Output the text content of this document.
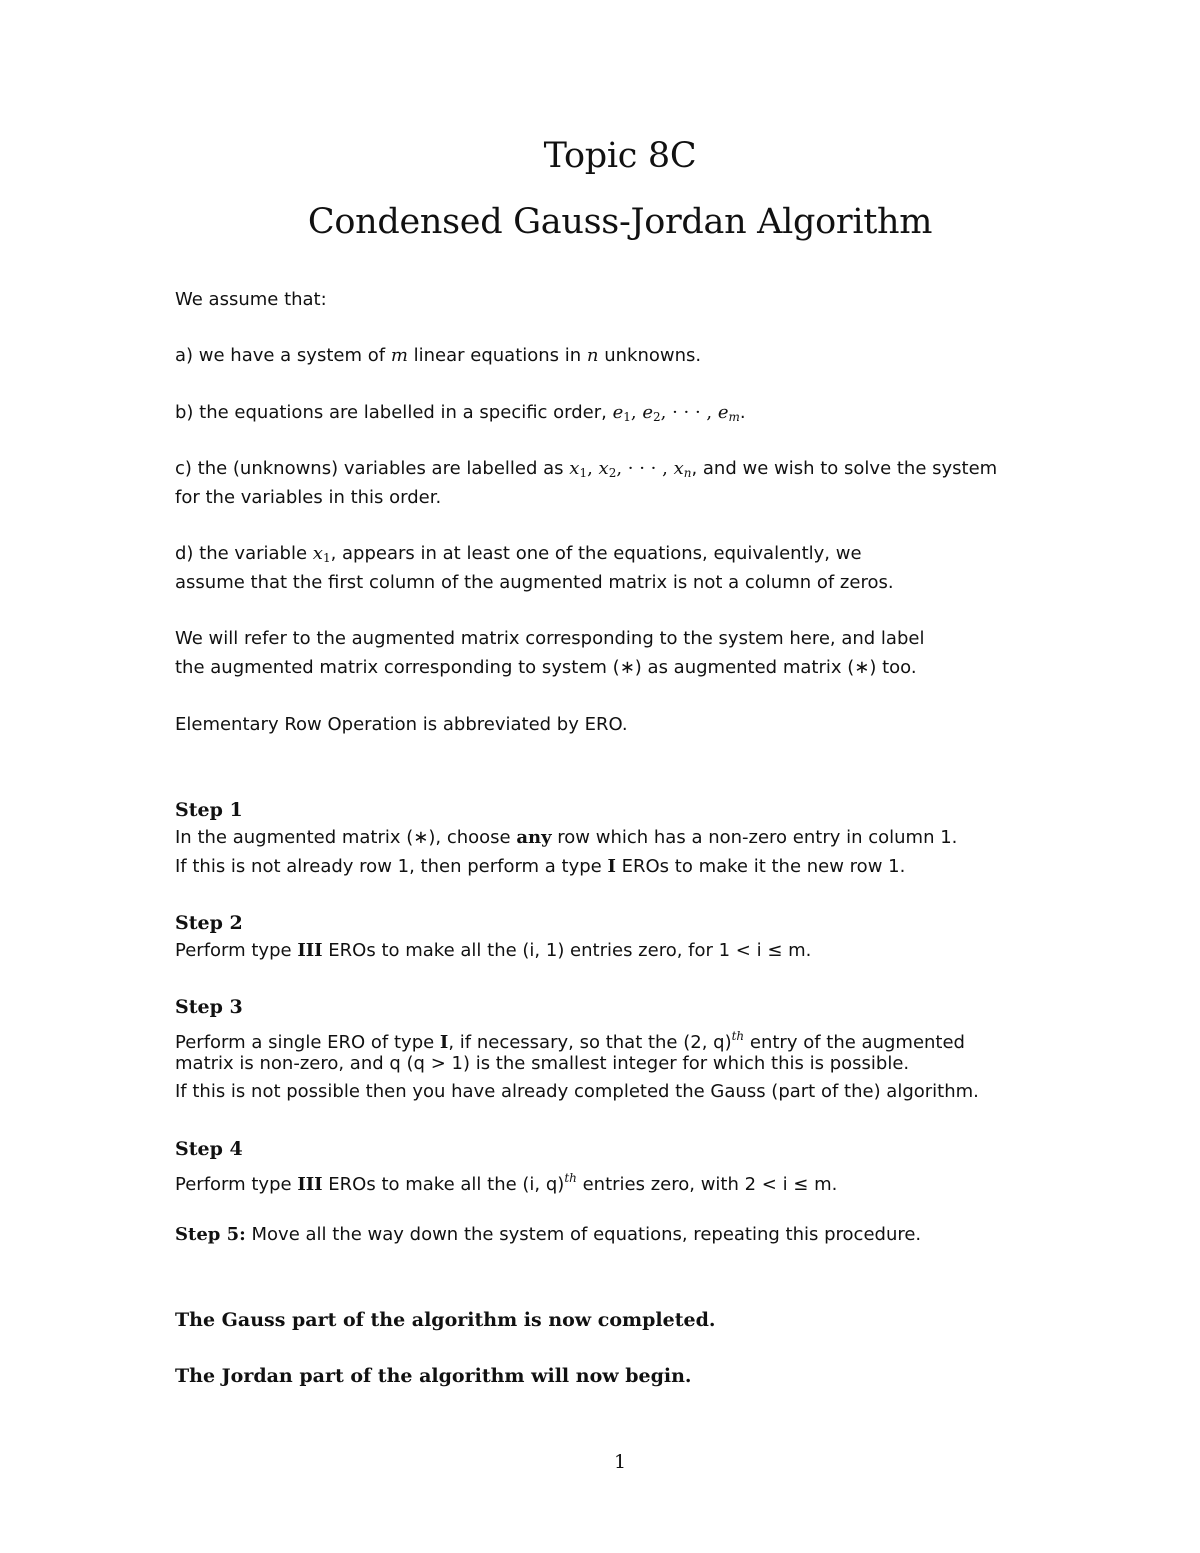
Topic 8C
Condensed Gauss-Jordan Algorithm
We assume that:
a) we have a system of m linear equations in n unknowns.
b) the equations are labelled in a specific order, $e_1$, $e_2$, · · · , $e_m$.
c) the (unknowns) variables are labelled as $x_1$, $x_2$, · · · , $x_n$, and we wish to solve the system
for the variables in this order.
d) the variable $x_1$, appears in at least one of the equations, equivalently, we
assume that the first column of the augmented matrix is not a column of zeros.
We will refer to the augmented matrix corresponding to the system here, and label
the augmented matrix corresponding to system (∗) as augmented matrix (∗) too.
Elementary Row Operation is abbreviated by ERO.
Step 1
In the augmented matrix (∗), choose any row which has a non-zero entry in column 1.
If this is not already row 1, then perform a type I EROs to make it the new row 1.
Step 2
Perform type III EROs to make all the (i, 1) entries zero, for 1 < i ≤ m.
Step 3
Perform a single ERO of type I, if necessary, so that the (2, q)$^{th}$ entry of the augmented
matrix is non-zero, and q (q > 1) is the smallest integer for which this is possible.
If this is not possible then you have already completed the Gauss (part of the) algorithm.
Step 4
Perform type III EROs to make all the (i, q)$^{th}$ entries zero, with 2 < i ≤ m.
Step 5: Move all the way down the system of equations, repeating this procedure.
The Gauss part of the algorithm is now completed.
The Jordan part of the algorithm will now begin.
1
